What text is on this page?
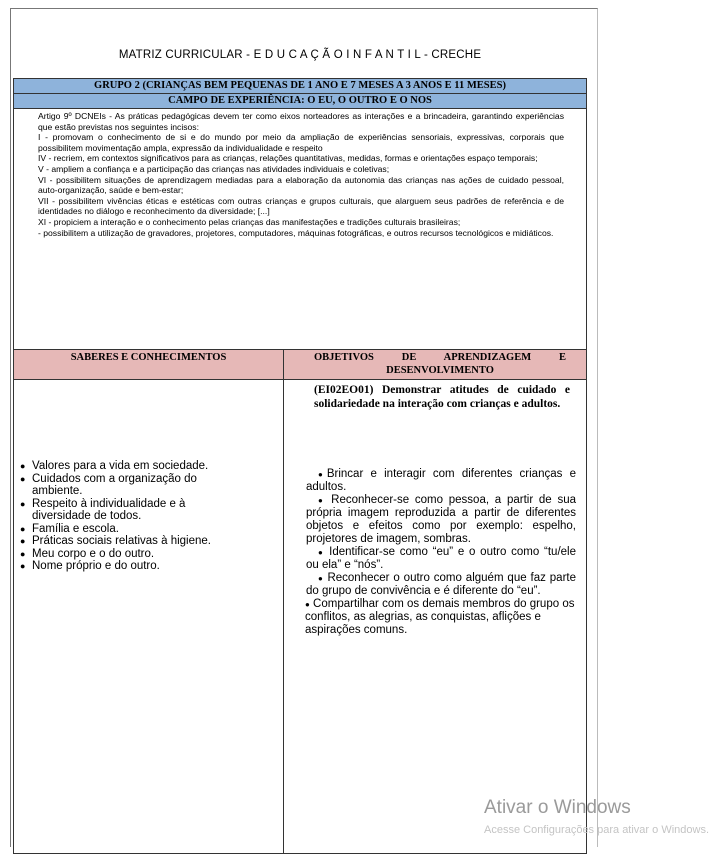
MATRIZ CURRICULAR - E D U C A Ç Ã O I N F A N T I L - CRECHE
GRUPO 2 (CRIANÇAS BEM PEQUENAS DE 1 ANO E 7 MESES A 3 ANOS E 11 MESES)
CAMPO DE EXPERIÊNCIA: O EU, O OUTRO E O NOS

Artigo 9º DCNEIs - As práticas pedagógicas devem ter como eixos norteadores as interações e a brincadeira, garantindo experiências que estão previstas nos seguintes incisos:

I - promovam o conhecimento de si e do mundo por meio da ampliação de experiências sensoriais, expressivas, corporais que possibilitem movimentação ampla, expressão da individualidade e respeito

IV - recriem, em contextos significativos para as crianças, relações quantitativas, medidas, formas e orientações espaço temporais;

V - ampliem a confiança e a participação das crianças nas atividades individuais e coletivas;

VI - possibilitem situações de aprendizagem mediadas para a elaboração da autonomia das crianças nas ações de cuidado pessoal, auto-organização, saúde e bem-estar;

VII - possibilitem vivências éticas e estéticas com outras crianças e grupos culturais, que alarguem seus padrões de referência e de identidades no diálogo e reconhecimento da diversidade; [...]

XI - propiciem a interação e o conhecimento pelas crianças das manifestações e tradições culturais brasileiras;

- possibilitem a utilização de gravadores, projetores, computadores, máquinas fotográficas, e outros recursos tecnológicos e midiáticos.

SABERES E CONHECIMENTOS
● Valores para a vida em sociedade.
● Cuidados com a organização do ambiente.
● Respeito à individualidade e à diversidade de todos.
● Família e escola.
● Práticas sociais relativas à higiene.
● Meu corpo e o do outro.
● Nome próprio e do outro.
OBJETIVOS DE APRENDIZAGEM E DESENVOLVIMENTO
(EI02EO01) Demonstrar atitudes de cuidado e solidariedade na interação com crianças e adultos.
●Brincar e interagir com diferentes crianças e adultos.
● Reconhecer-se como pessoa, a partir de sua própria imagem reproduzida a partir de diferentes objetos e efeitos como por exemplo: espelho, projetores de imagem, sombras.
● Identificar-se como “eu” e o outro como “tu/ele ou ela” e “nós”.
● Reconhecer o outro como alguém que faz parte do grupo de convivência e é diferente do “eu”.
● Compartilhar com os demais membros do grupo os conflitos, as alegrias, as conquistas, aflições e aspirações comuns.
Ativar o Windows
Acesse Configurações para ativar o Windows.
